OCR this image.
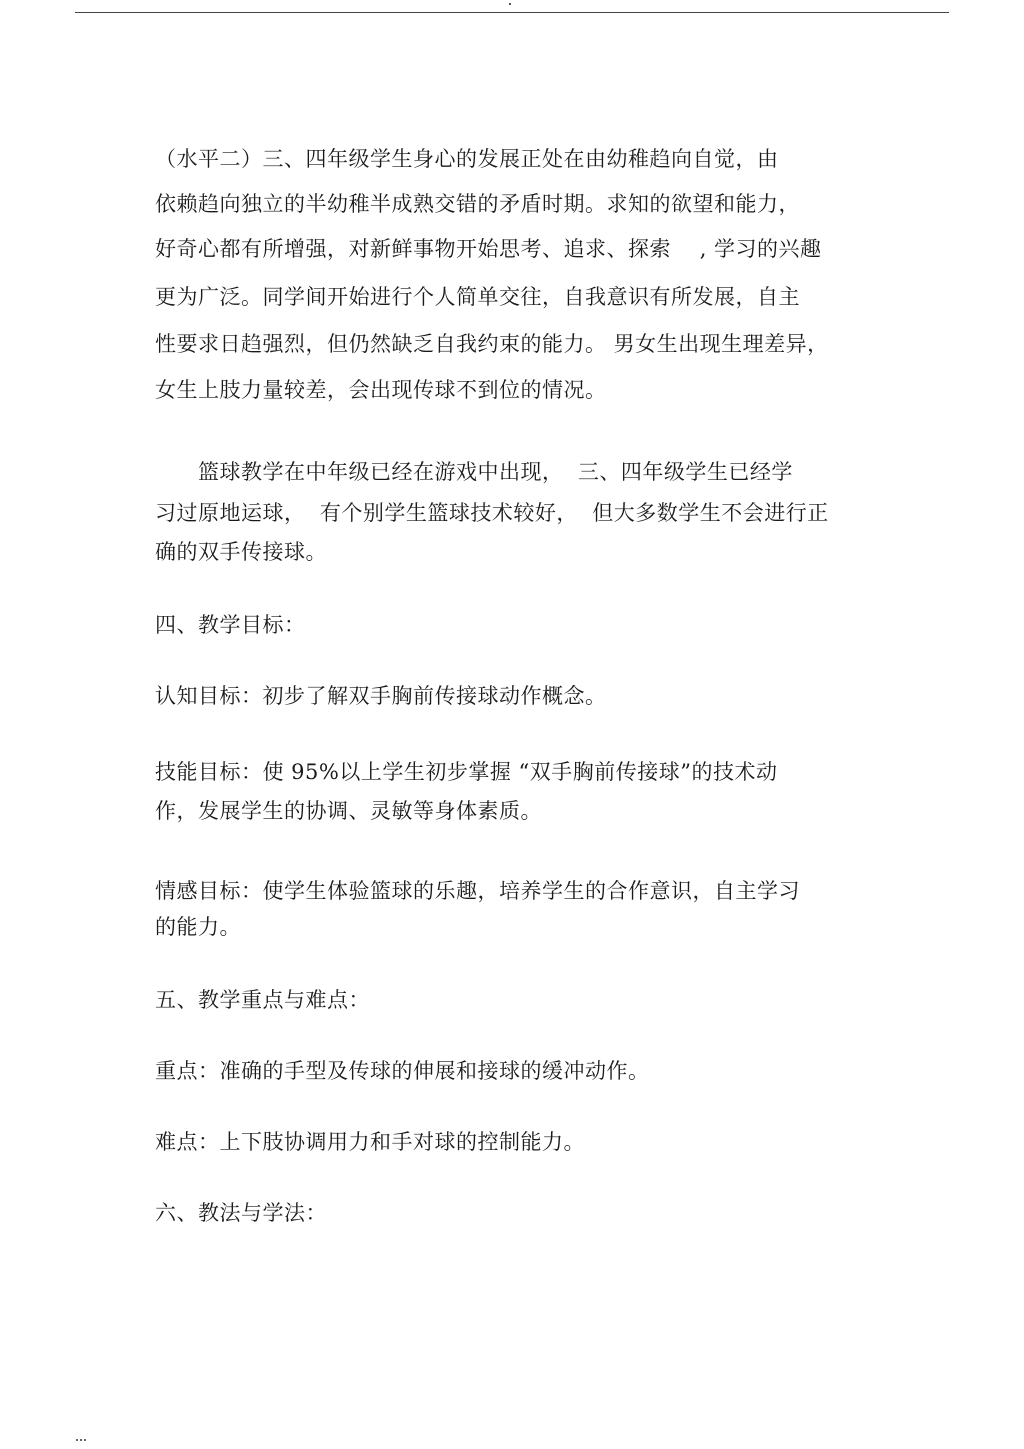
（水平二）三、四年级学生身心的发展正处在由幼稚趋向自觉，由
依赖趋向独立的半幼稚半成熟交错的矛盾时期。求知的欲望和能力，
好奇心都有所增强，对新鲜事物开始思考、追求、探索    , 学习的兴趣
更为广泛。同学间开始进行个人简单交往，自我意识有所发展，自主
性要求日趋强烈，但仍然缺乏自我约束的能力。 男女生出现生理差异，
女生上肢力量较差，会出现传球不到位的情况。
篮球教学在中年级已经在游戏中出现，  三、四年级学生已经学
习过原地运球，  有个别学生篮球技术较好，  但大多数学生不会进行正
确的双手传接球。
四、教学目标：
认知目标：初步了解双手胸前传接球动作概念。
技能目标：使 95%以上学生初步掌握 “双手胸前传接球”的技术动
作，发展学生的协调、灵敏等身体素质。
情感目标：使学生体验篮球的乐趣，培养学生的合作意识，自主学习
的能力。
五、教学重点与难点：
重点：准确的手型及传球的伸展和接球的缓冲动作。
难点：上下肢协调用力和手对球的控制能力。
六、教法与学法：
